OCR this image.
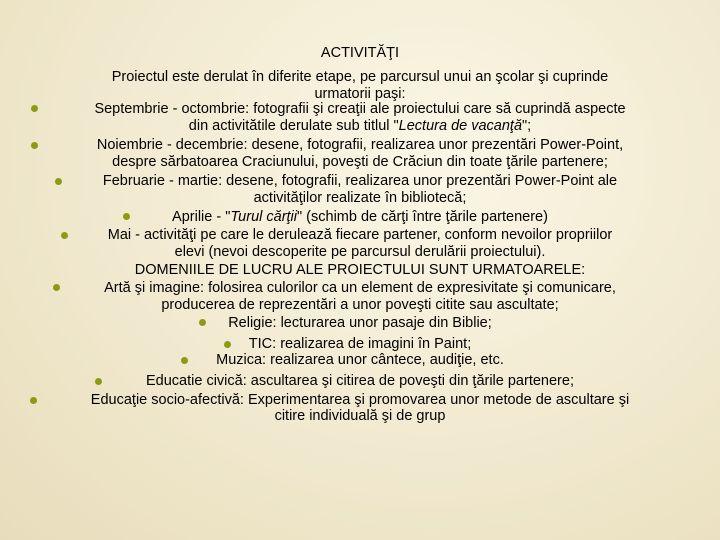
ACTIVITĂŢI
Proiectul este derulat în diferite etape, pe parcursul unui an şcolar şi cuprinde
urmatorii paşi:
Septembrie - octombrie: fotografii şi creaţii ale proiectului care să cuprindă aspecte
din activitătile derulate sub titlul "Lectura de vacanţă";
Noiembrie - decembrie: desene, fotografii, realizarea unor prezentări Power-Point,
despre sărbatoarea Craciunului, poveşti de Crăciun din toate ţările partenere;
Februarie - martie: desene, fotografii, realizarea unor prezentări Power-Point ale
activităţilor realizate în bibliotecă;
Aprilie - "Turul cărţii" (schimb de cărţi între ţările partenere)
Mai - activităţi pe care le derulează fiecare partener, conform nevoilor propriilor
elevi (nevoi descoperite pe parcursul derulării proiectului).
DOMENIILE DE LUCRU ALE PROIECTULUI SUNT URMATOARELE:
Artă şi imagine: folosirea culorilor ca un element de expresivitate şi comunicare,
producerea de reprezentări a unor poveşti citite sau ascultate;
Religie: lecturarea unor pasaje din Biblie;
TIC: realizarea de imagini în Paint;
Muzica: realizarea unor cântece, audiţie, etc.
Educatie civică: ascultarea şi citirea de poveşti din ţările partenere;
Educaţie socio-afectivă: Experimentarea şi promovarea unor metode de ascultare şi
citire individuală şi de grup
